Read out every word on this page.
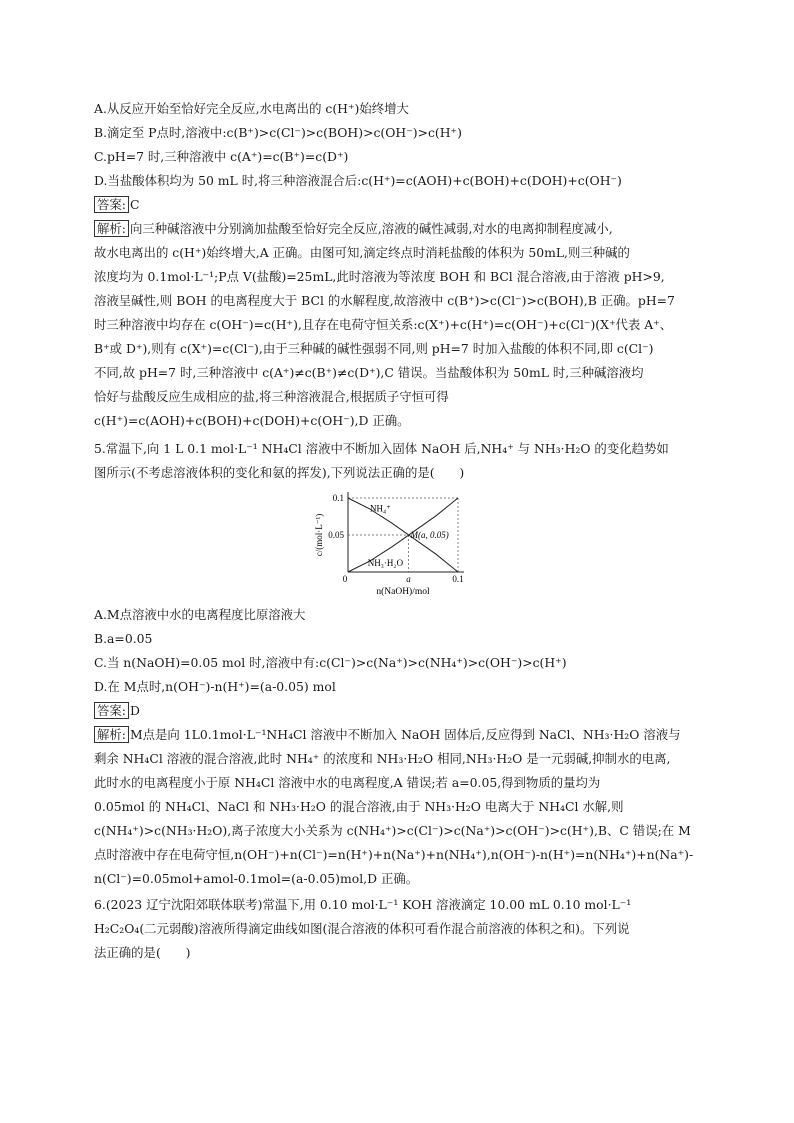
A.从反应开始至恰好完全反应,水电离出的 c(H⁺)始终增大
B.滴定至 P点时,溶液中:c(B⁺)>c(Cl⁻)>c(BOH)>c(OH⁻)>c(H⁺)
C.pH=7 时,三种溶液中 c(A⁺)=c(B⁺)=c(D⁺)
D.当盐酸体积均为 50 mL 时,将三种溶液混合后:c(H⁺)=c(AOH)+c(BOH)+c(DOH)+c(OH⁻)
答案: C
解析: 向三种碱溶液中分别滴加盐酸至恰好完全反应,溶液的碱性减弱,对水的电离抑制程度减小,
故水电离出的 c(H⁺)始终增大,A 正确。由图可知,滴定终点时消耗盐酸的体积为 50mL,则三种碱的
浓度均为 0.1mol·L⁻¹;P点 V(盐酸)=25mL,此时溶液为等浓度 BOH 和 BCl 混合溶液,由于溶液 pH>9,
溶液呈碱性,则 BOH 的电离程度大于 BCl 的水解程度,故溶液中 c(B⁺)>c(Cl⁻)>c(BOH),B 正确。pH=7
时三种溶液中均存在 c(OH⁻)=c(H⁺),且存在电荷守恒关系:c(X⁺)+c(H⁺)=c(OH⁻)+c(Cl⁻)(X⁺代表 A⁺、
B⁺或 D⁺),则有 c(X⁺)=c(Cl⁻),由于三种碱的碱性强弱不同,则 pH=7 时加入盐酸的体积不同,即 c(Cl⁻)
不同,故 pH=7 时,三种溶液中 c(A⁺)≠c(B⁺)≠c(D⁺),C 错误。当盐酸体积为 50mL 时,三种碱溶液均
恰好与盐酸反应生成相应的盐,将三种溶液混合,根据质子守恒可得
c(H⁺)=c(AOH)+c(BOH)+c(DOH)+c(OH⁻),D 正确。
5.常温下,向 1 L 0.1 mol·L⁻¹ NH₄Cl 溶液中不断加入固体 NaOH 后,NH₄⁺ 与 NH₃·H₂O 的变化趋势如
图所示(不考虑溶液体积的变化和氨的挥发),下列说法正确的是(　　)
NH₄⁺
NH₃·H₂O
M(a, 0.05)
0.1
0.05
0	a	0.1
n(NaOH)/mol
c/(mol·L⁻¹)
A.M点溶液中水的电离程度比原溶液大
B.a=0.05
C.当 n(NaOH)=0.05 mol 时,溶液中有:c(Cl⁻)>c(Na⁺)>c(NH₄⁺)>c(OH⁻)>c(H⁺)
D.在 M点时,n(OH⁻)-n(H⁺)=(a-0.05) mol
答案: D
解析: M点是向 1L0.1mol·L⁻¹NH₄Cl 溶液中不断加入 NaOH 固体后,反应得到 NaCl、NH₃·H₂O 溶液与
剩余 NH₄Cl 溶液的混合溶液,此时 NH₄⁺ 的浓度和 NH₃·H₂O 相同,NH₃·H₂O 是一元弱碱,抑制水的电离,
此时水的电离程度小于原 NH₄Cl 溶液中水的电离程度,A 错误;若 a=0.05,得到物质的量均为
0.05mol 的 NH₄Cl、NaCl 和 NH₃·H₂O 的混合溶液,由于 NH₃·H₂O 电离大于 NH₄Cl 水解,则
c(NH₄⁺)>c(NH₃·H₂O),离子浓度大小关系为 c(NH₄⁺)>c(Cl⁻)>c(Na⁺)>c(OH⁻)>c(H⁺),B、C 错误;在 M
点时溶液中存在电荷守恒,n(OH⁻)+n(Cl⁻)=n(H⁺)+n(Na⁺)+n(NH₄⁺),n(OH⁻)-n(H⁺)=n(NH₄⁺)+n(Na⁺)-
n(Cl⁻)=0.05mol+amol-0.1mol=(a-0.05)mol,D 正确。
6.(2023 辽宁沈阳郊联体联考)常温下,用 0.10 mol·L⁻¹ KOH 溶液滴定 10.00 mL 0.10 mol·L⁻¹
H₂C₂O₄(二元弱酸)溶液所得滴定曲线如图(混合溶液的体积可看作混合前溶液的体积之和)。下列说
法正确的是(　　)
